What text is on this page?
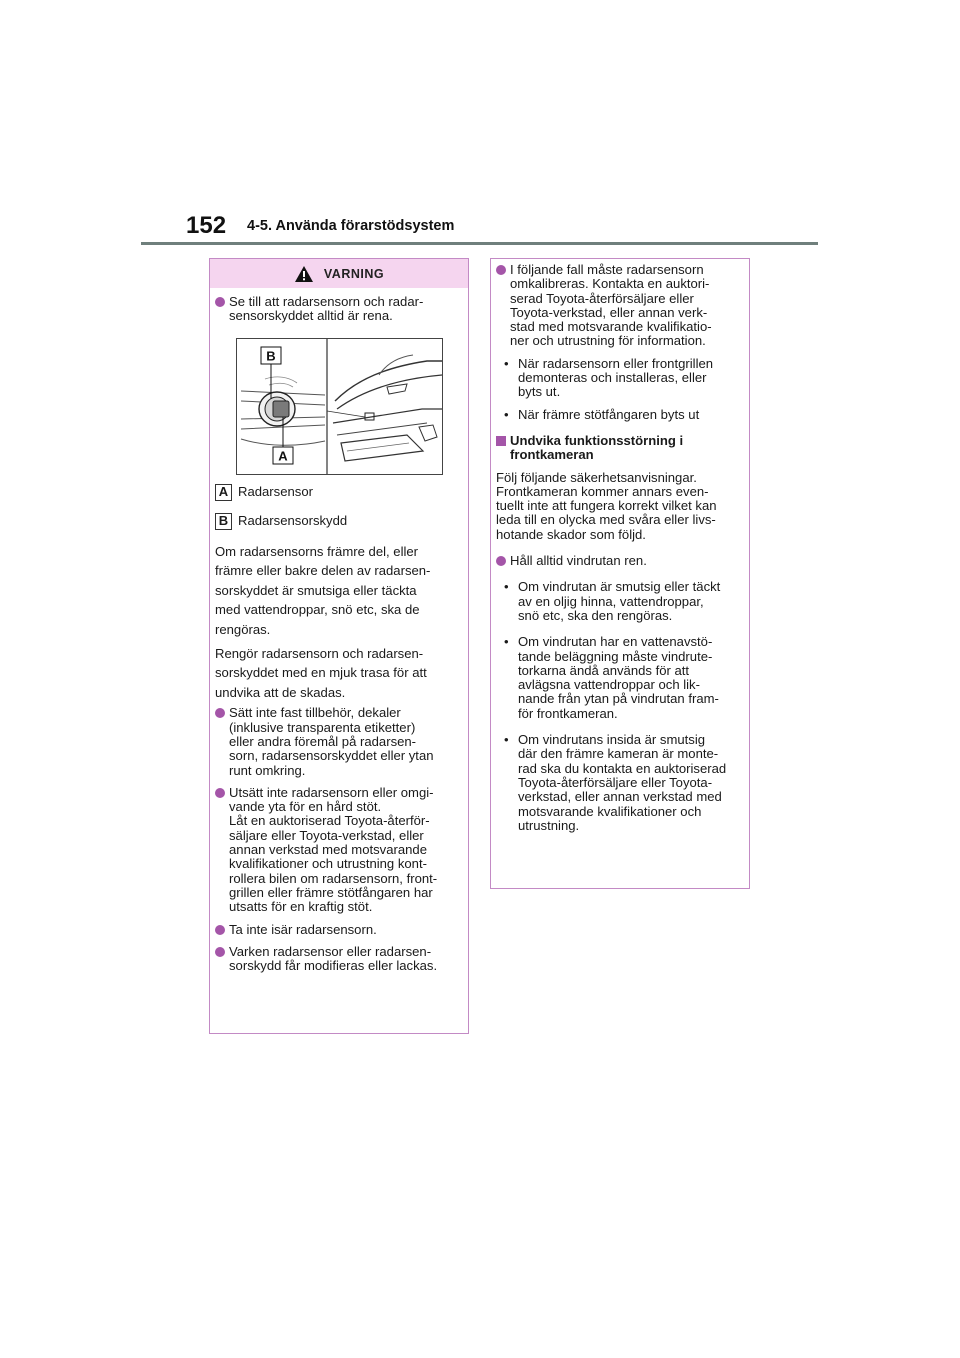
152 4-5. Använda förarstödsystem
VARNING
Se till att radarsensorn och radar-
sensorskyddet alltid är rena.
B
A
A Radarsensor
B Radarsensorskydd
Om radarsensorns främre del, eller
främre eller bakre delen av radarsen-
sorskyddet är smutsiga eller täckta
med vattendroppar, snö etc, ska de
rengöras.
Rengör radarsensorn och radarsen-
sorskyddet med en mjuk trasa för att
undvika att de skadas.
Sätt inte fast tillbehör, dekaler
(inklusive transparenta etiketter)
eller andra föremål på radarsen-
sorn, radarsensorskyddet eller ytan
runt omkring.
Utsätt inte radarsensorn eller omgi-
vande yta för en hård stöt.
Låt en auktoriserad Toyota-återför-
säljare eller Toyota-verkstad, eller
annan verkstad med motsvarande
kvalifikationer och utrustning kont-
rollera bilen om radarsensorn, front-
grillen eller främre stötfångaren har
utsatts för en kraftig stöt.
Ta inte isär radarsensorn.
Varken radarsensor eller radarsen-
sorskydd får modifieras eller lackas.
I följande fall måste radarsensorn
omkalibreras. Kontakta en auktori-
serad Toyota-återförsäljare eller
Toyota-verkstad, eller annan verk-
stad med motsvarande kvalifikatio-
ner och utrustning för information.
• När radarsensorn eller frontgrillen
demonteras och installeras, eller
byts ut.
• När främre stötfångaren byts ut
Undvika funktionsstörning i
frontkameran
Följ följande säkerhetsanvisningar.
Frontkameran kommer annars even-
tuellt inte att fungera korrekt vilket kan
leda till en olycka med svåra eller livs-
hotande skador som följd.
Håll alltid vindrutan ren.
• Om vindrutan är smutsig eller täckt
av en oljig hinna, vattendroppar,
snö etc, ska den rengöras.
• Om vindrutan har en vattenavstö-
tande beläggning måste vindrute-
torkarna ändå används för att
avlägsna vattendroppar och lik-
nande från ytan på vindrutan fram-
för frontkameran.
• Om vindrutans insida är smutsig
där den främre kameran är monte-
rad ska du kontakta en auktoriserad
Toyota-återförsäljare eller Toyota-
verkstad, eller annan verkstad med
motsvarande kvalifikationer och
utrustning.
